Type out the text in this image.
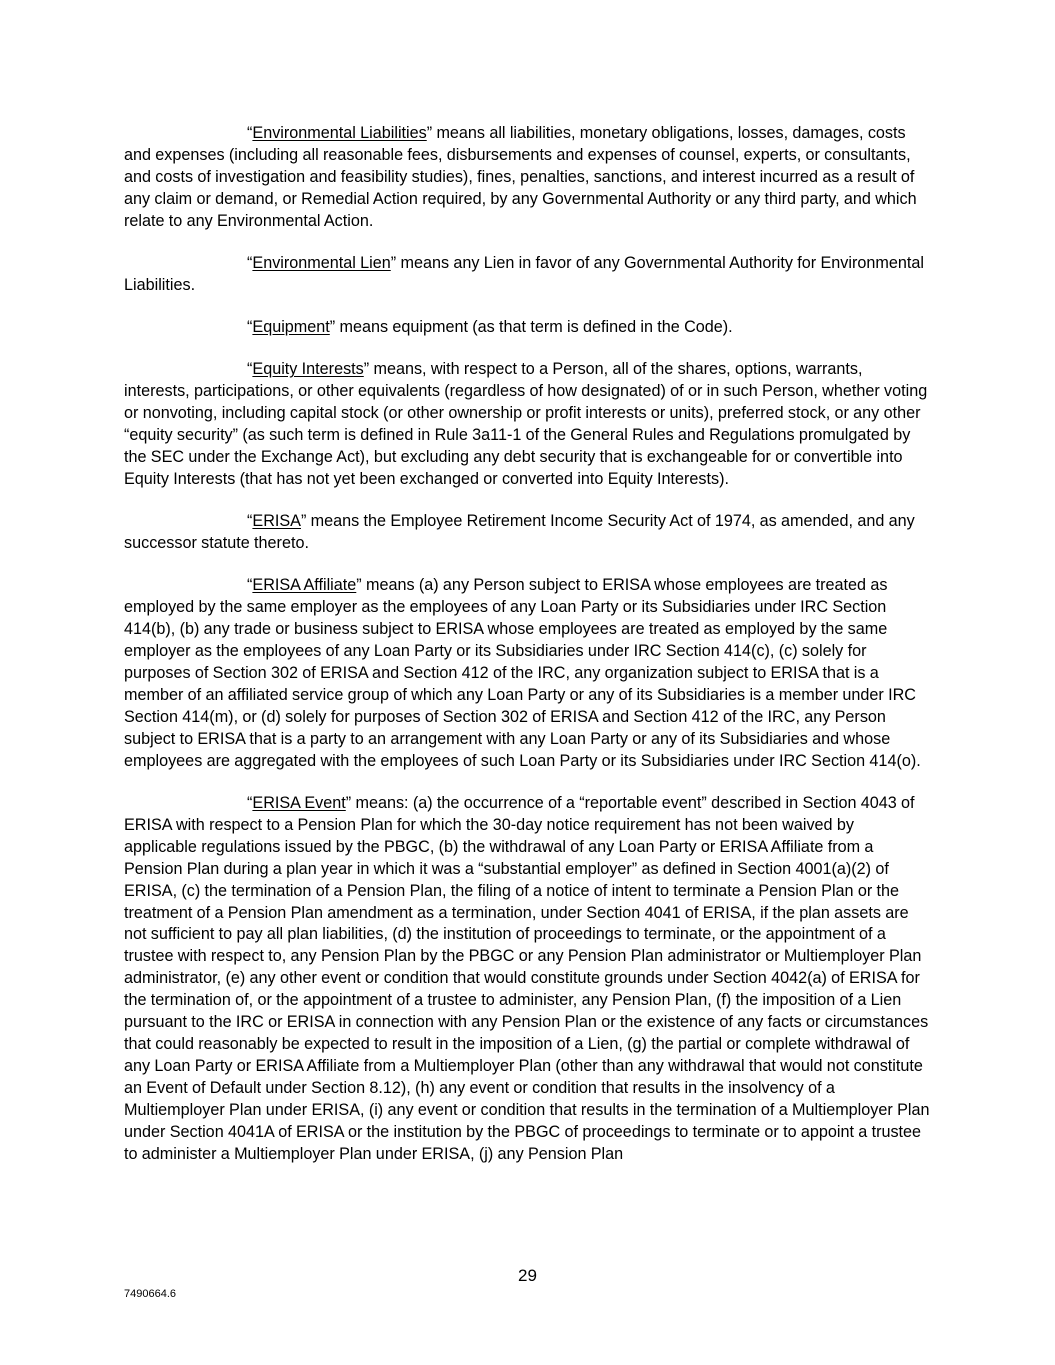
“Environmental Liabilities” means all liabilities, monetary obligations, losses, damages, costs and expenses (including all reasonable fees, disbursements and expenses of counsel, experts, or consultants, and costs of investigation and feasibility studies), fines, penalties, sanctions, and interest incurred as a result of any claim or demand, or Remedial Action required, by any Governmental Authority or any third party, and which relate to any Environmental Action.

“Environmental Lien” means any Lien in favor of any Governmental Authority for Environmental Liabilities.

“Equipment” means equipment (as that term is defined in the Code).

“Equity Interests” means, with respect to a Person, all of the shares, options, warrants, interests, participations, or other equivalents (regardless of how designated) of or in such Person, whether voting or nonvoting, including capital stock (or other ownership or profit interests or units), preferred stock, or any other “equity security” (as such term is defined in Rule 3a11-1 of the General Rules and Regulations promulgated by the SEC under the Exchange Act), but excluding any debt security that is exchangeable for or convertible into Equity Interests (that has not yet been exchanged or converted into Equity Interests).

“ERISA” means the Employee Retirement Income Security Act of 1974, as amended, and any successor statute thereto.

“ERISA Affiliate” means (a) any Person subject to ERISA whose employees are treated as employed by the same employer as the employees of any Loan Party or its Subsidiaries under IRC Section 414(b), (b) any trade or business subject to ERISA whose employees are treated as employed by the same employer as the employees of any Loan Party or its Subsidiaries under IRC Section 414(c), (c) solely for purposes of Section 302 of ERISA and Section 412 of the IRC, any organization subject to ERISA that is a member of an affiliated service group of which any Loan Party or any of its Subsidiaries is a member under IRC Section 414(m), or (d) solely for purposes of Section 302 of ERISA and Section 412 of the IRC, any Person subject to ERISA that is a party to an arrangement with any Loan Party or any of its Subsidiaries and whose employees are aggregated with the employees of such Loan Party or its Subsidiaries under IRC Section 414(o).

“ERISA Event” means: (a) the occurrence of a “reportable event” described in Section 4043 of ERISA with respect to a Pension Plan for which the 30-day notice requirement has not been waived by applicable regulations issued by the PBGC, (b) the withdrawal of any Loan Party or ERISA Affiliate from a Pension Plan during a plan year in which it was a “substantial employer” as defined in Section 4001(a)(2) of ERISA, (c) the termination of a Pension Plan, the filing of a notice of intent to terminate a Pension Plan or the treatment of a Pension Plan amendment as a termination, under Section 4041 of ERISA, if the plan assets are not sufficient to pay all plan liabilities, (d) the institution of proceedings to terminate, or the appointment of a trustee with respect to, any Pension Plan by the PBGC or any Pension Plan administrator or Multiemployer Plan administrator, (e) any other event or condition that would constitute grounds under Section 4042(a) of ERISA for the termination of, or the appointment of a trustee to administer, any Pension Plan, (f) the imposition of a Lien pursuant to the IRC or ERISA in connection with any Pension Plan or the existence of any facts or circumstances that could reasonably be expected to result in the imposition of a Lien, (g) the partial or complete withdrawal of any Loan Party or ERISA Affiliate from a Multiemployer Plan (other than any withdrawal that would not constitute an Event of Default under Section 8.12), (h) any event or condition that results in the insolvency of a Multiemployer Plan under ERISA, (i) any event or condition that results in the termination of a Multiemployer Plan under Section 4041A of ERISA or the institution by the PBGC of proceedings to terminate or to appoint a trustee to administer a Multiemployer Plan under ERISA, (j) any Pension Plan

29
7490664.6
